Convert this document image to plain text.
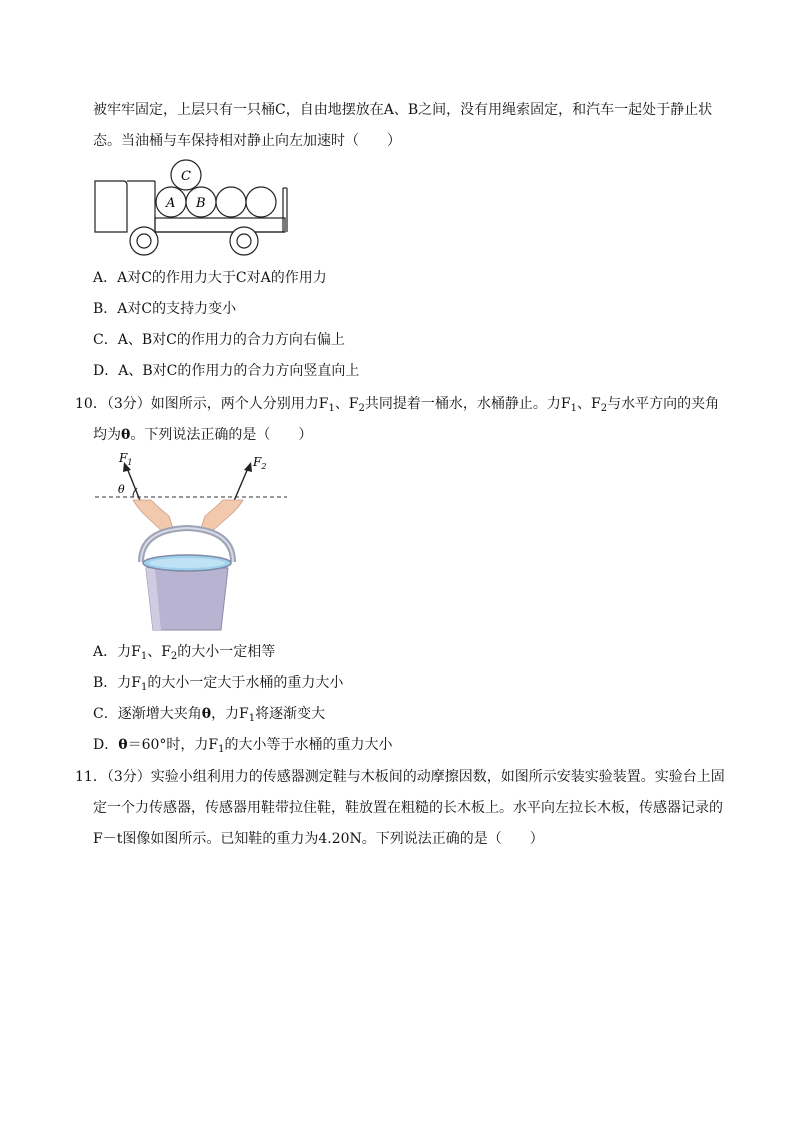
被牢牢固定，上层只有一只桶C，自由地摆放在A、B之间，没有用绳索固定，和汽车一起处于静止状
态。当油桶与车保持相对静止向左加速时（　　）
C
A B
A．A对C的作用力大于C对A的作用力
B．A对C的支持力变小
C．A、B对C的作用力的合力方向右偏上
D．A、B对C的作用力的合力方向竖直向上
10．（3分）如图所示，两个人分别用力$F_1$、$F_2$共同提着一桶水，水桶静止。力$F_1$、$F_2$与水平方向的夹角
均为θ。下列说法正确的是（　　）
$F_1$
θ
$F_2$
A．力$F_1$、$F_2$的大小一定相等
B．力$F_1$的大小一定大于水桶的重力大小
C．逐渐增大夹角θ，力$F_1$将逐渐变大
D．θ＝60°时，力$F_1$的大小等于水桶的重力大小
11．（3分）实验小组利用力的传感器测定鞋与木板间的动摩擦因数，如图所示安装实验装置。实验台上固
定一个力传感器，传感器用鞋带拉住鞋，鞋放置在粗糙的长木板上。水平向左拉长木板，传感器记录的
F－t图像如图所示。已知鞋的重力为4.20N。下列说法正确的是（　　）
